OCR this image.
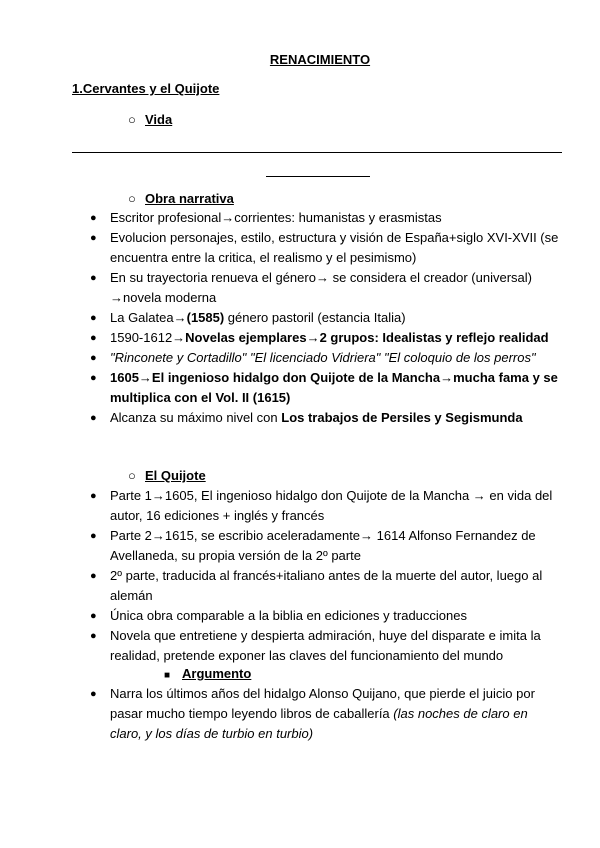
RENACIMIENTO
1.Cervantes y el Quijote
○ Vida
○ Obra narrativa
● Escritor profesional→corrientes: humanistas y erasmistas
● Evolucion personajes, estilo, estructura y visión de España+siglo XVI-XVII (se encuentra entre la critica, el realismo y el pesimismo)
● En su trayectoria renueva el género→ se considera el creador (universal) →novela moderna
● La Galatea→(1585) género pastoril (estancia Italia)
● 1590-1612→Novelas ejemplares→2 grupos: Idealistas y reflejo realidad
● "Rinconete y Cortadillo" "El licenciado Vidriera" "El coloquio de los perros"
● 1605→El ingenioso hidalgo don Quijote de la Mancha→mucha fama y se multiplica con el Vol. II (1615)
● Alcanza su máximo nivel con Los trabajos de Persiles y Segismunda
○ El Quijote
● Parte 1→1605, El ingenioso hidalgo don Quijote de la Mancha → en vida del autor, 16 ediciones + inglés y francés
● Parte 2→1615, se escribio aceleradamente→ 1614 Alfonso Fernandez de Avellaneda, su propia versión de la 2º parte
● 2º parte, traducida al francés+italiano antes de la muerte del autor, luego al alemán
● Única obra comparable a la biblia en ediciones y traducciones
● Novela que entretiene y despierta admiración, huye del disparate e imita la realidad, pretende exponer las claves del funcionamiento del mundo
■ Argumento
● Narra los últimos años del hidalgo Alonso Quijano, que pierde el juicio por pasar mucho tiempo leyendo libros de caballería (las noches de claro en claro, y los días de turbio en turbio)
